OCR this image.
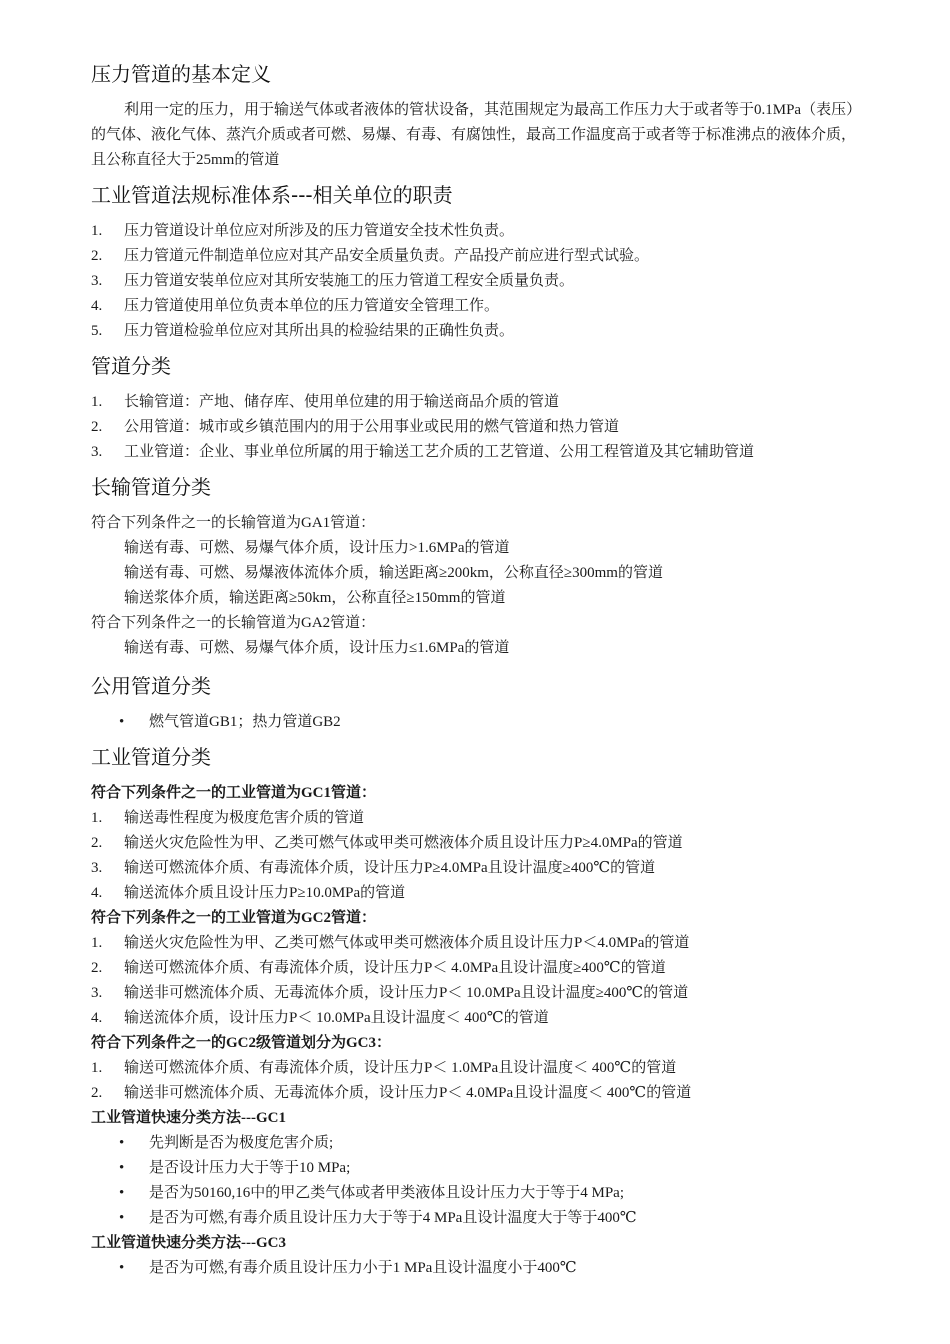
压力管道的基本定义

利用一定的压力，用于输送气体或者液体的管状设备，其范围规定为最高工作压力大于或者等于0.1MPa（表压）的气体、液化气体、蒸汽介质或者可燃、易爆、有毒、有腐蚀性，最高工作温度高于或者等于标准沸点的液体介质，且公称直径大于25mm的管道

工业管道法规标准体系---相关单位的职责
1.	压力管道设计单位应对所涉及的压力管道安全技术性负责。
2.	压力管道元件制造单位应对其产品安全质量负责。产品投产前应进行型式试验。
3.	压力管道安装单位应对其所安装施工的压力管道工程安全质量负责。
4.	压力管道使用单位负责本单位的压力管道安全管理工作。
5.	压力管道检验单位应对其所出具的检验结果的正确性负责。
管道分类
1.	长输管道：产地、储存库、使用单位建的用于输送商品介质的管道
2.	公用管道：城市或乡镇范围内的用于公用事业或民用的燃气管道和热力管道
3.	工业管道：企业、事业单位所属的用于输送工艺介质的工艺管道、公用工程管道及其它辅助管道
长输管道分类
符合下列条件之一的长输管道为GA1管道：
输送有毒、可燃、易爆气体介质，设计压力>1.6MPa的管道
输送有毒、可燃、易爆液体流体介质，输送距离≥200km，公称直径≥300mm的管道
输送浆体介质，输送距离≥50km，公称直径≥150mm的管道
符合下列条件之一的长输管道为GA2管道：
输送有毒、可燃、易爆气体介质，设计压力≤1.6MPa的管道
公用管道分类
•	燃气管道GB1；热力管道GB2
工业管道分类
符合下列条件之一的工业管道为GC1管道：
1.	输送毒性程度为极度危害介质的管道
2.	输送火灾危险性为甲、乙类可燃气体或甲类可燃液体介质且设计压力P≥4.0MPa的管道
3.	输送可燃流体介质、有毒流体介质，设计压力P≥4.0MPa且设计温度≥400℃的管道
4.	输送流体介质且设计压力P≥10.0MPa的管道
符合下列条件之一的工业管道为GC2管道：
1.	输送火灾危险性为甲、乙类可燃气体或甲类可燃液体介质且设计压力P＜4.0MPa的管道
2.	输送可燃流体介质、有毒流体介质，设计压力P＜ 4.0MPa且设计温度≥400℃的管道
3.	输送非可燃流体介质、无毒流体介质，设计压力P＜ 10.0MPa且设计温度≥400℃的管道
4.	输送流体介质，设计压力P＜ 10.0MPa且设计温度＜ 400℃的管道
符合下列条件之一的GC2级管道划分为GC3：
1.	输送可燃流体介质、有毒流体介质，设计压力P＜ 1.0MPa且设计温度＜ 400℃的管道
2.	输送非可燃流体介质、无毒流体介质，设计压力P＜ 4.0MPa且设计温度＜ 400℃的管道
工业管道快速分类方法---GC1
•	先判断是否为极度危害介质;
•	是否设计压力大于等于10 MPa;
•	是否为50160,16中的甲乙类气体或者甲类液体且设计压力大于等于4 MPa;
•	是否为可燃,有毒介质且设计压力大于等于4 MPa且设计温度大于等于400℃
工业管道快速分类方法---GC3
•	是否为可燃,有毒介质且设计压力小于1 MPa且设计温度小于400℃
